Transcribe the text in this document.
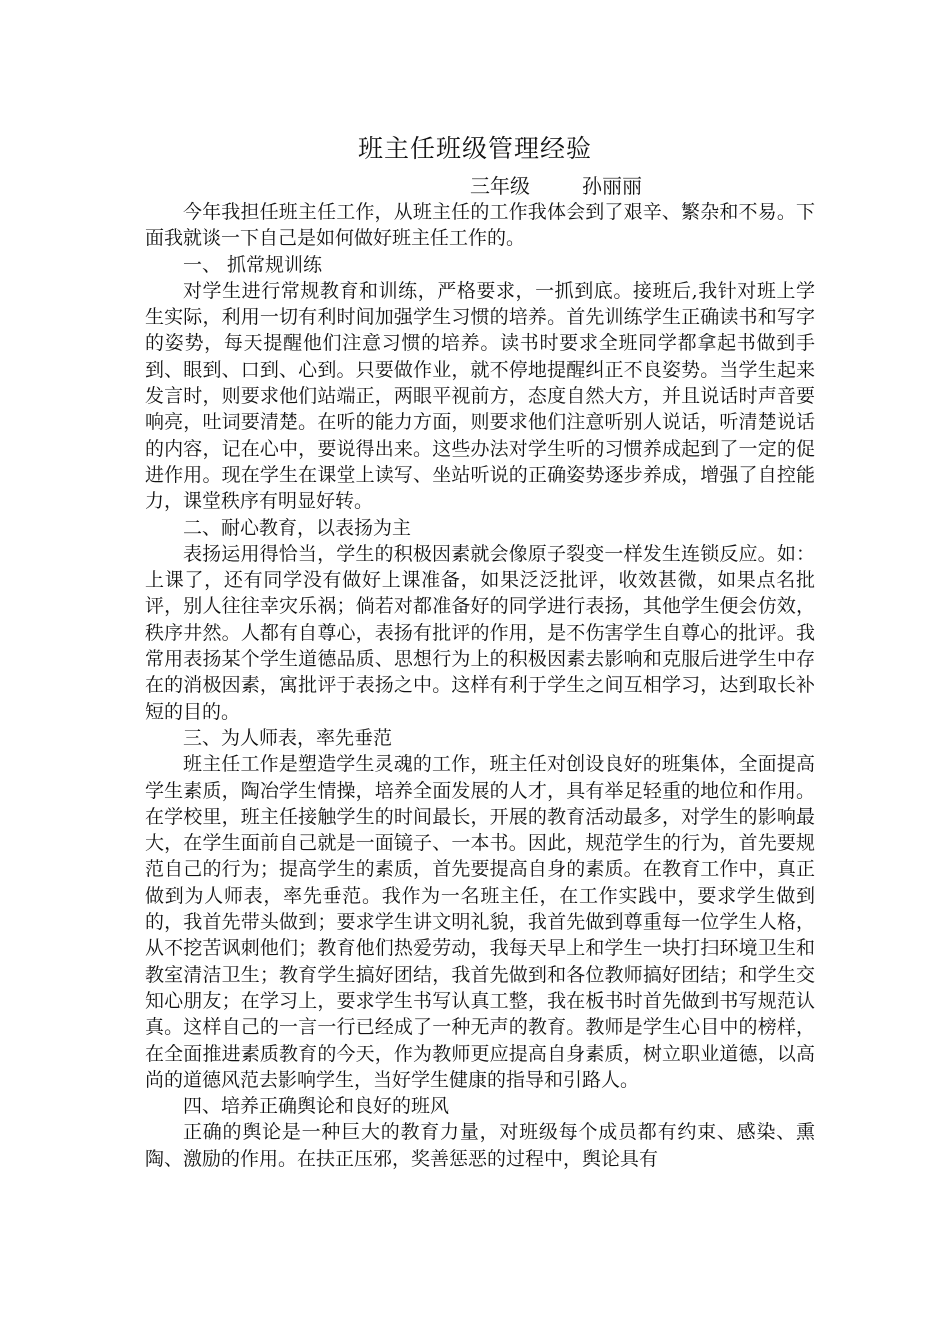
班主任班级管理经验
三年级	孙丽丽

今年我担任班主任工作，从班主任的工作我体会到了艰辛、繁杂和不易。下面我就谈一下自己是如何做好班主任工作的。

一、 抓常规训练

对学生进行常规教育和训练，严格要求，一抓到底。接班后,我针对班上学生实际，利用一切有利时间加强学生习惯的培养。首先训练学生正确读书和写字的姿势，每天提醒他们注意习惯的培养。读书时要求全班同学都拿起书做到手到、眼到、口到、心到。只要做作业，就不停地提醒纠正不良姿势。当学生起来发言时，则要求他们站端正，两眼平视前方，态度自然大方，并且说话时声音要响亮，吐词要清楚。在听的能力方面，则要求他们注意听别人说话，听清楚说话的内容，记在心中，要说得出来。这些办法对学生听的习惯养成起到了一定的促进作用。现在学生在课堂上读写、坐站听说的正确姿势逐步养成，增强了自控能力，课堂秩序有明显好转。

二、耐心教育，以表扬为主

表扬运用得恰当，学生的积极因素就会像原子裂变一样发生连锁反应。如：上课了，还有同学没有做好上课准备，如果泛泛批评，收效甚微，如果点名批评，别人往往幸灾乐祸；倘若对都准备好的同学进行表扬，其他学生便会仿效，秩序井然。人都有自尊心，表扬有批评的作用，是不伤害学生自尊心的批评。我常用表扬某个学生道德品质、思想行为上的积极因素去影响和克服后进学生中存在的消极因素，寓批评于表扬之中。这样有利于学生之间互相学习，达到取长补短的目的。

三、为人师表，率先垂范

班主任工作是塑造学生灵魂的工作，班主任对创设良好的班集体，全面提高学生素质，陶冶学生情操，培养全面发展的人才，具有举足轻重的地位和作用。在学校里，班主任接触学生的时间最长，开展的教育活动最多，对学生的影响最大，在学生面前自己就是一面镜子、一本书。因此，规范学生的行为，首先要规范自己的行为；提高学生的素质，首先要提高自身的素质。在教育工作中，真正做到为人师表，率先垂范。我作为一名班主任，在工作实践中，要求学生做到的，我首先带头做到；要求学生讲文明礼貌，我首先做到尊重每一位学生人格，从不挖苦讽刺他们；教育他们热爱劳动，我每天早上和学生一块打扫环境卫生和教室清洁卫生；教育学生搞好团结，我首先做到和各位教师搞好团结；和学生交知心朋友；在学习上，要求学生书写认真工整，我在板书时首先做到书写规范认真。这样自己的一言一行已经成了一种无声的教育。教师是学生心目中的榜样，在全面推进素质教育的今天，作为教师更应提高自身素质，树立职业道德，以高尚的道德风范去影响学生，当好学生健康的指导和引路人。

四、培养正确舆论和良好的班风

正确的舆论是一种巨大的教育力量，对班级每个成员都有约束、感染、熏陶、激励的作用。在扶正压邪，奖善惩恶的过程中，舆论具有
